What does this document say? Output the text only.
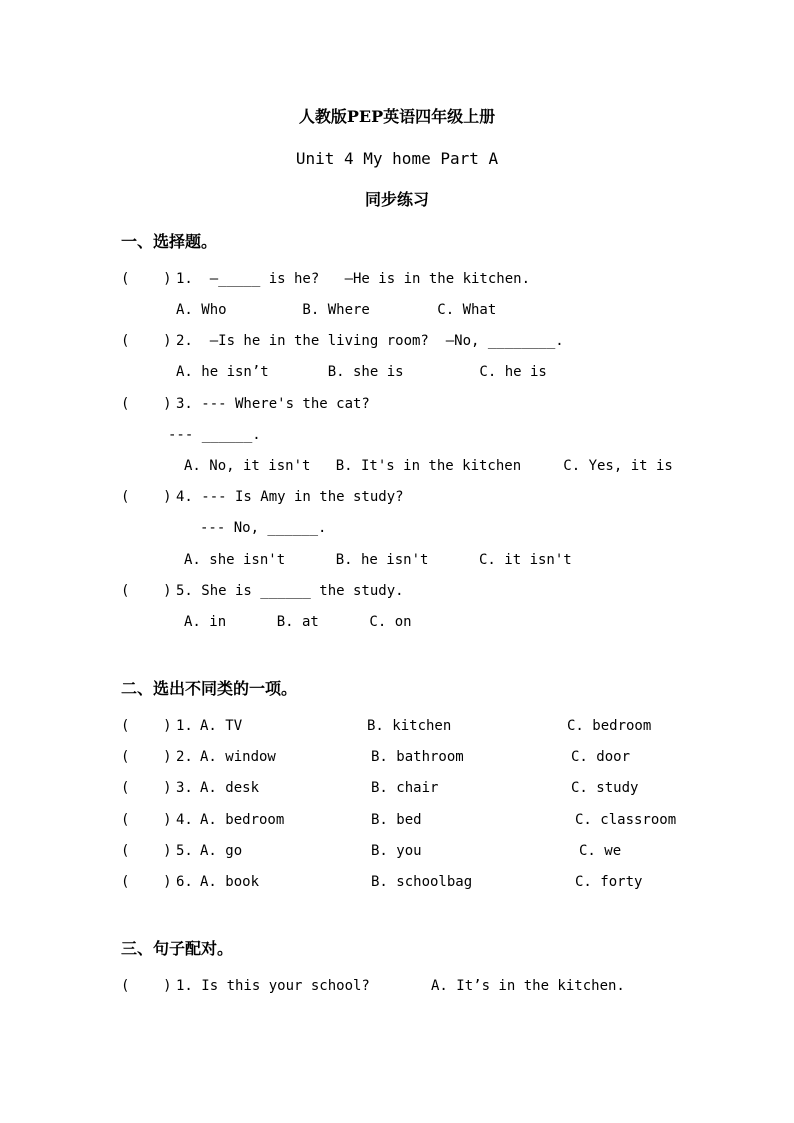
人教版PEP英语四年级上册
Unit 4 My home Part A
同步练习
一、选择题。
(    ) 1.  –_____ is he?   –He is in the kitchen.
A. Who         B. Where        C. What
(    ) 2.  –Is he in the living room?  –No, ________.
A. he isn’t       B. she is         C. he is
(    ) 3. --- Where's the cat?
--- ______.
A. No, it isn't   B. It's in the kitchen     C. Yes, it is
(    ) 4. --- Is Amy in the study?
--- No, ______.
A. she isn't      B. he isn't      C. it isn't
(    ) 5. She is ______ the study.
A. in      B. at      C. on
二、选出不同类的一项。
(    ) 1. A. TV	B. kitchen	C. bedroom
(    ) 2. A. window	B. bathroom	C. door
(    ) 3. A. desk	B. chair	C. study
(    ) 4. A. bedroom	B. bed	C. classroom
(    ) 5. A. go	B. you	C. we
(    ) 6. A. book	B. schoolbag	C. forty
三、句子配对。
(    ) 1. Is this your school?	A. It’s in the kitchen.
